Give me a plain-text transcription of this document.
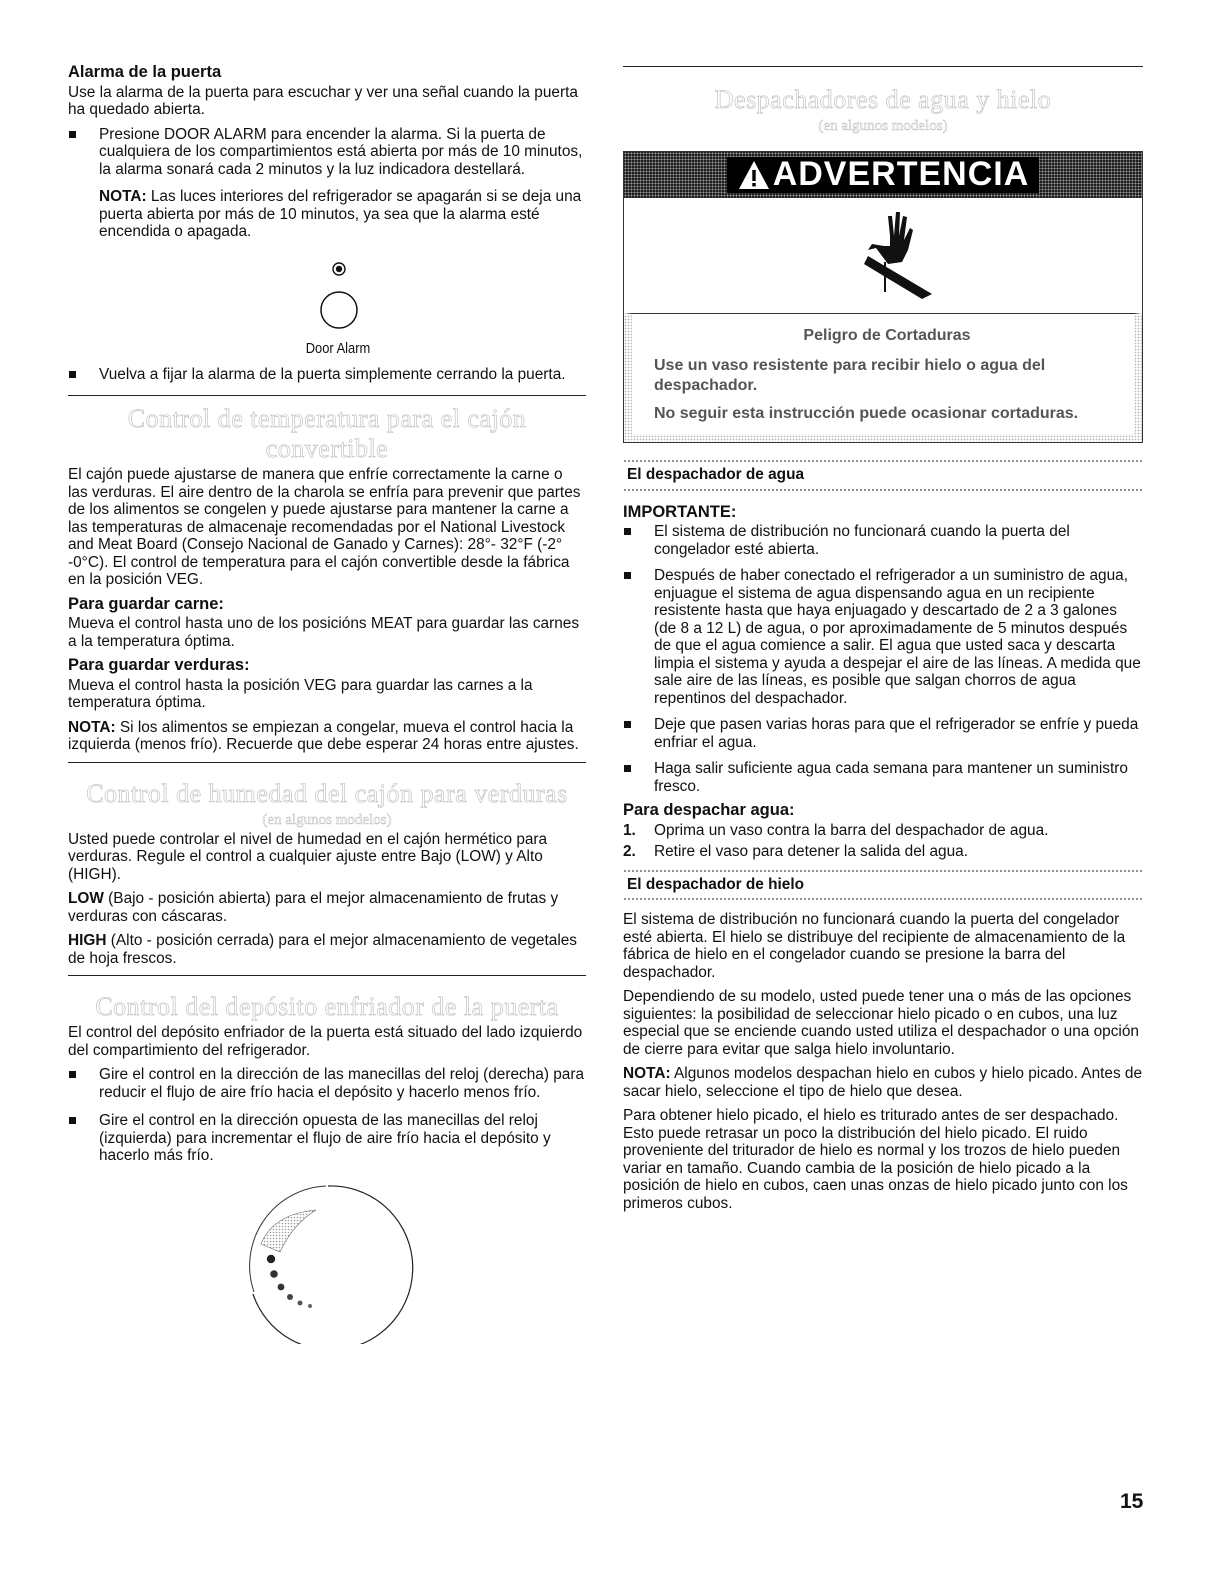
Alarma de la puerta

Use la alarma de la puerta para escuchar y ver una señal cuando la puerta ha quedado abierta.

Presione DOOR ALARM para encender la alarma. Si la puerta de cualquiera de los compartimientos está abierta por más de 10 minutos, la alarma sonará cada 2 minutos y la luz indicadora destellará.

NOTA: Las luces interiores del refrigerador se apagarán si se deja una puerta abierta por más de 10 minutos, ya sea que la alarma esté encendida o apagada.

Door Alarm
Vuelva a fijar la alarma de la puerta simplemente cerrando la puerta.
Control de temperatura para el cajón convertible

El cajón puede ajustarse de manera que enfríe correctamente la carne o las verduras. El aire dentro de la charola se enfría para prevenir que partes de los alimentos se congelen y puede ajustarse para mantener la carne a las temperaturas de almacenaje recomendadas por el National Livestock and Meat Board (Consejo Nacional de Ganado y Carnes): 28°- 32°F (-2° -0°C). El control de temperatura para el cajón convertible desde la fábrica en la posición VEG.

Para guardar carne:

Mueva el control hasta uno de los posicións MEAT para guardar las carnes a la temperatura óptima.

Para guardar verduras:

Mueva el control hasta la posición VEG para guardar las carnes a la temperatura óptima.

NOTA: Si los alimentos se empiezan a congelar, mueva el control hacia la izquierda (menos frío). Recuerde que debe esperar 24 horas entre ajustes.

Control de humedad del cajón para verduras
(en algunos modelos)

Usted puede controlar el nivel de humedad en el cajón hermético para verduras. Regule el control a cualquier ajuste entre Bajo (LOW) y Alto (HIGH).

LOW (Bajo - posición abierta) para el mejor almacenamiento de frutas y verduras con cáscaras.

HIGH (Alto - posición cerrada) para el mejor almacenamiento de vegetales de hoja frescos.

Control del depósito enfriador de la puerta

El control del depósito enfriador de la puerta está situado del lado izquierdo del compartimiento del refrigerador.

Gire el control en la dirección de las manecillas del reloj (derecha) para reducir el flujo de aire frío hacia el depósito y hacerlo menos frío.
Gire el control en la dirección opuesta de las manecillas del reloj (izquierda) para incrementar el flujo de aire frío hacia el depósito y hacerlo más frío.
Despachadores de agua y hielo
(en algunos modelos)
ADVERTENCIA
Peligro de Cortaduras

Use un vaso resistente para recibir hielo o agua del despachador.

No seguir esta instrucción puede ocasionar cortaduras.

El despachador de agua
IMPORTANTE:
El sistema de distribución no funcionará cuando la puerta del congelador esté abierta.
Después de haber conectado el refrigerador a un suministro de agua, enjuague el sistema de agua dispensando agua en un recipiente resistente hasta que haya enjuagado y descartado de 2 a 3 galones (de 8 a 12 L) de agua, o por aproximadamente de 5 minutos después de que el agua comience a salir. El agua que usted saca y descarta limpia el sistema y ayuda a despejar el aire de las líneas. A medida que sale aire de las líneas, es posible que salgan chorros de agua repentinos del despachador.
Deje que pasen varias horas para que el refrigerador se enfríe y pueda enfriar el agua.
Haga salir suficiente agua cada semana para mantener un suministro fresco.
Para despachar agua:
1.	Oprima un vaso contra la barra del despachador de agua.
2.	Retire el vaso para detener la salida del agua.
El despachador de hielo

El sistema de distribución no funcionará cuando la puerta del congelador esté abierta. El hielo se distribuye del recipiente de almacenamiento de la fábrica de hielo en el congelador cuando se presione la barra del despachador.

Dependiendo de su modelo, usted puede tener una o más de las opciones siguientes: la posibilidad de seleccionar hielo picado o en cubos, una luz especial que se enciende cuando usted utiliza el despachador o una opción de cierre para evitar que salga hielo involuntario.

NOTA: Algunos modelos despachan hielo en cubos y hielo picado. Antes de sacar hielo, seleccione el tipo de hielo que desea.

Para obtener hielo picado, el hielo es triturado antes de ser despachado. Esto puede retrasar un poco la distribución del hielo picado. El ruido proveniente del triturador de hielo es normal y los trozos de hielo pueden variar en tamaño. Cuando cambia de la posición de hielo picado a la posición de hielo en cubos, caen unas onzas de hielo picado junto con los primeros cubos.

15
